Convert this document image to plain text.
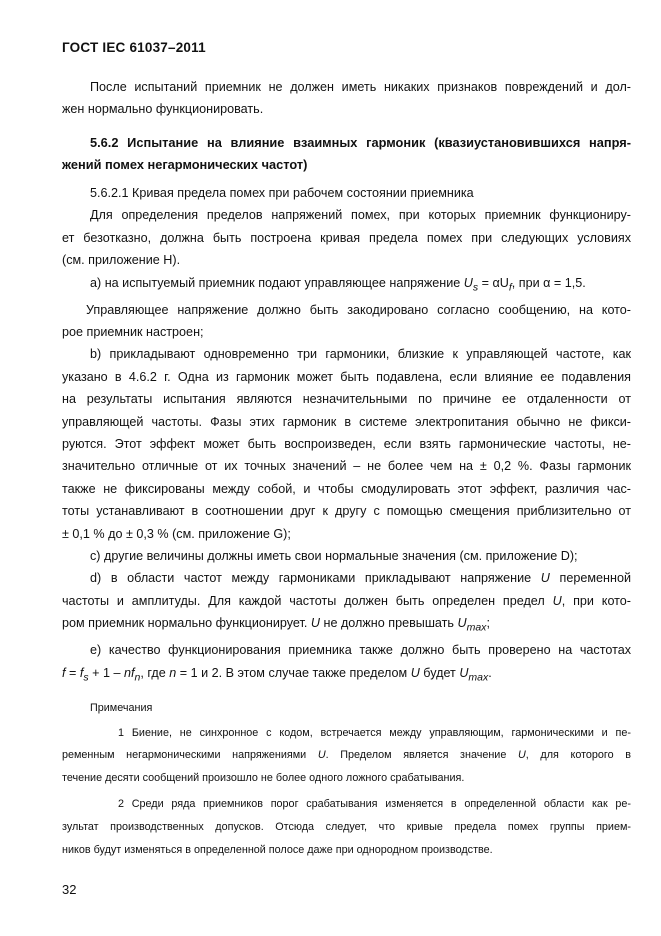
ГОСТ IEC 61037–2011

После испытаний приемник не должен иметь никаких признаков повреждений и дол-

жен нормально функционировать.

5.6.2 Испытание на влияние взаимных гармоник (квазиустановившихся напря-

жений помех негармонических частот)

5.6.2.1 Кривая предела помех при рабочем состоянии приемника

Для определения пределов напряжений помех, при которых приемник функциониру-

ет безотказно, должна быть построена кривая предела помех при следующих условиях

(см. приложение Н).

а) на испытуемый приемник подают управляющее напряжение $U_s = \alpha U_f$, при α = 1,5.

Управляющее напряжение должно быть закодировано согласно сообщению, на кото-

рое приемник настроен;

b) прикладывают одновременно три гармоники, близкие к управляющей частоте, как

указано в 4.6.2 г. Одна из гармоник может быть подавлена, если влияние ее подавления

на результаты испытания являются незначительными по причине ее отдаленности от

управляющей частоты. Фазы этих гармоник в системе электропитания обычно не фикси-

руются. Этот эффект может быть воспроизведен, если взять гармонические частоты, не-

значительно отличные от их точных значений – не более чем на ± 0,2 %. Фазы гармоник

также не фиксированы между собой, и чтобы смодулировать этот эффект, различия час-

тоты устанавливают в соотношении друг к другу с помощью смещения приблизительно от

± 0,1 % до ± 0,3 % (см. приложение G);

с) другие величины должны иметь свои нормальные значения (см. приложение D);

d) в области частот между гармониками прикладывают напряжение U переменной

частоты и амплитуды. Для каждой частоты должен быть определен предел U, при кото-

ром приемник нормально функционирует. U не должно превышать $U_{max}$;

е) качество функционирования приемника также должно быть проверено на частотах

$f = f_s + 1 - nf_n$, где n = 1 и 2. В этом случае также пределом U будет $U_{max}$.

Примечания

1 Биение, не синхронное с кодом, встречается между управляющим, гармоническими и пе-

ременным негармоническими напряжениями U. Пределом является значение U, для которого в

течение десяти сообщений произошло не более одного ложного срабатывания.

2 Среди ряда приемников порог срабатывания изменяется в определенной области как ре-

зультат производственных допусков. Отсюда следует, что кривые предела помех группы прием-

ников будут изменяться в определенной полосе даже при однородном производстве.

32
